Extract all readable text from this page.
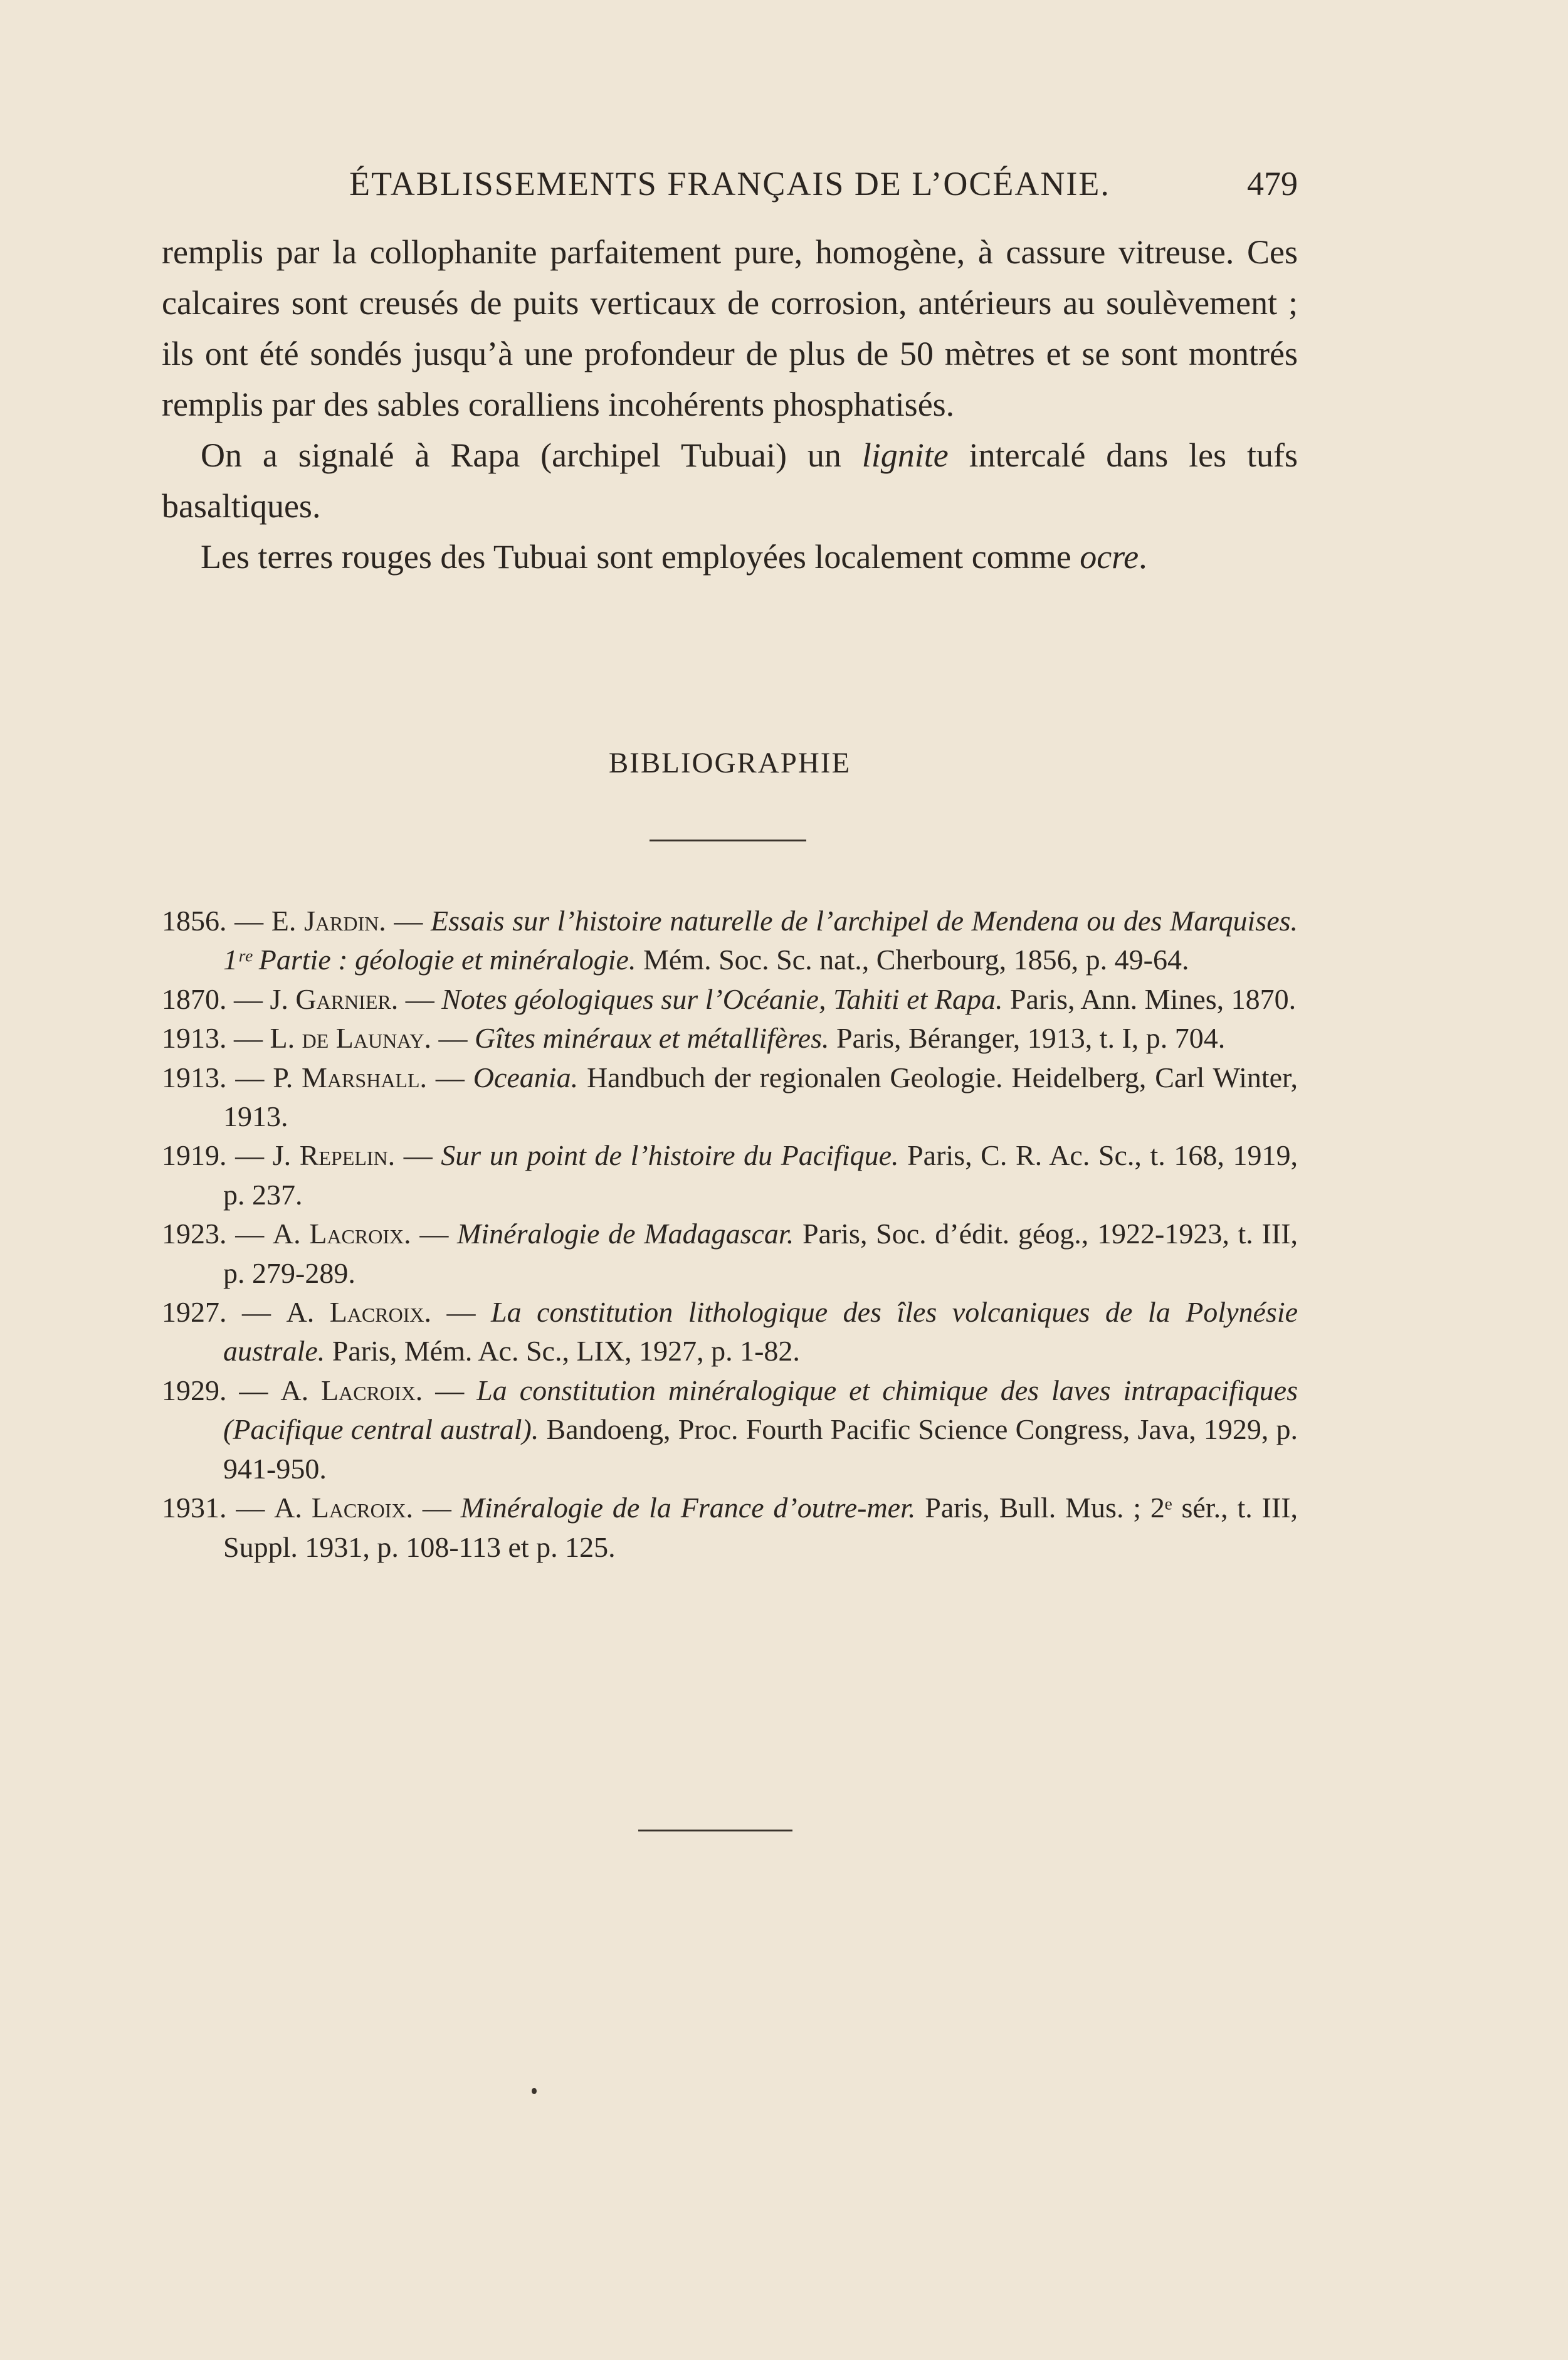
ÉTABLISSEMENTS FRANÇAIS DE L’OCÉANIE.	479

remplis par la collophanite parfaitement pure, homogène, à cassure vitreuse. Ces calcaires sont creusés de puits verticaux de corrosion, antérieurs au soulèvement ; ils ont été sondés jusqu’à une profondeur de plus de 50 mètres et se sont montrés remplis par des sables coralliens incohérents phosphatisés.

On a signalé à Rapa (archipel Tubuai) un lignite intercalé dans les tufs basaltiques.

Les terres rouges des Tubuai sont employées localement comme ocre.

BIBLIOGRAPHIE

1856. — E. Jardin. — Essais sur l’histoire naturelle de l’archipel de Mendena ou des Marquises. 1ʳᵉ Partie : géologie et minéralogie. Mém. Soc. Sc. nat., Cherbourg, 1856, p. 49-64.

1870. — J. Garnier. — Notes géologiques sur l’Océanie, Tahiti et Rapa. Paris, Ann. Mines, 1870.

1913. — L. de Launay. — Gîtes minéraux et métallifères. Paris, Béranger, 1913, t. I, p. 704.

1913. — P. Marshall. — Oceania. Handbuch der regionalen Geologie. Heidelberg, Carl Winter, 1913.

1919. — J. Repelin. — Sur un point de l’histoire du Pacifique. Paris, C. R. Ac. Sc., t. 168, 1919, p. 237.

1923. — A. Lacroix. — Minéralogie de Madagascar. Paris, Soc. d’édit. géog., 1922-1923, t. III, p. 279-289.

1927. — A. Lacroix. — La constitution lithologique des îles volcaniques de la Polynésie australe. Paris, Mém. Ac. Sc., LIX, 1927, p. 1-82.

1929. — A. Lacroix. — La constitution minéralogique et chimique des laves intrapacifiques (Pacifique central austral). Bandoeng, Proc. Fourth Pacific Science Congress, Java, 1929, p. 941-950.

1931. — A. Lacroix. — Minéralogie de la France d’outre-mer. Paris, Bull. Mus. ; 2ᵉ sér., t. III, Suppl. 1931, p. 108-113 et p. 125.
